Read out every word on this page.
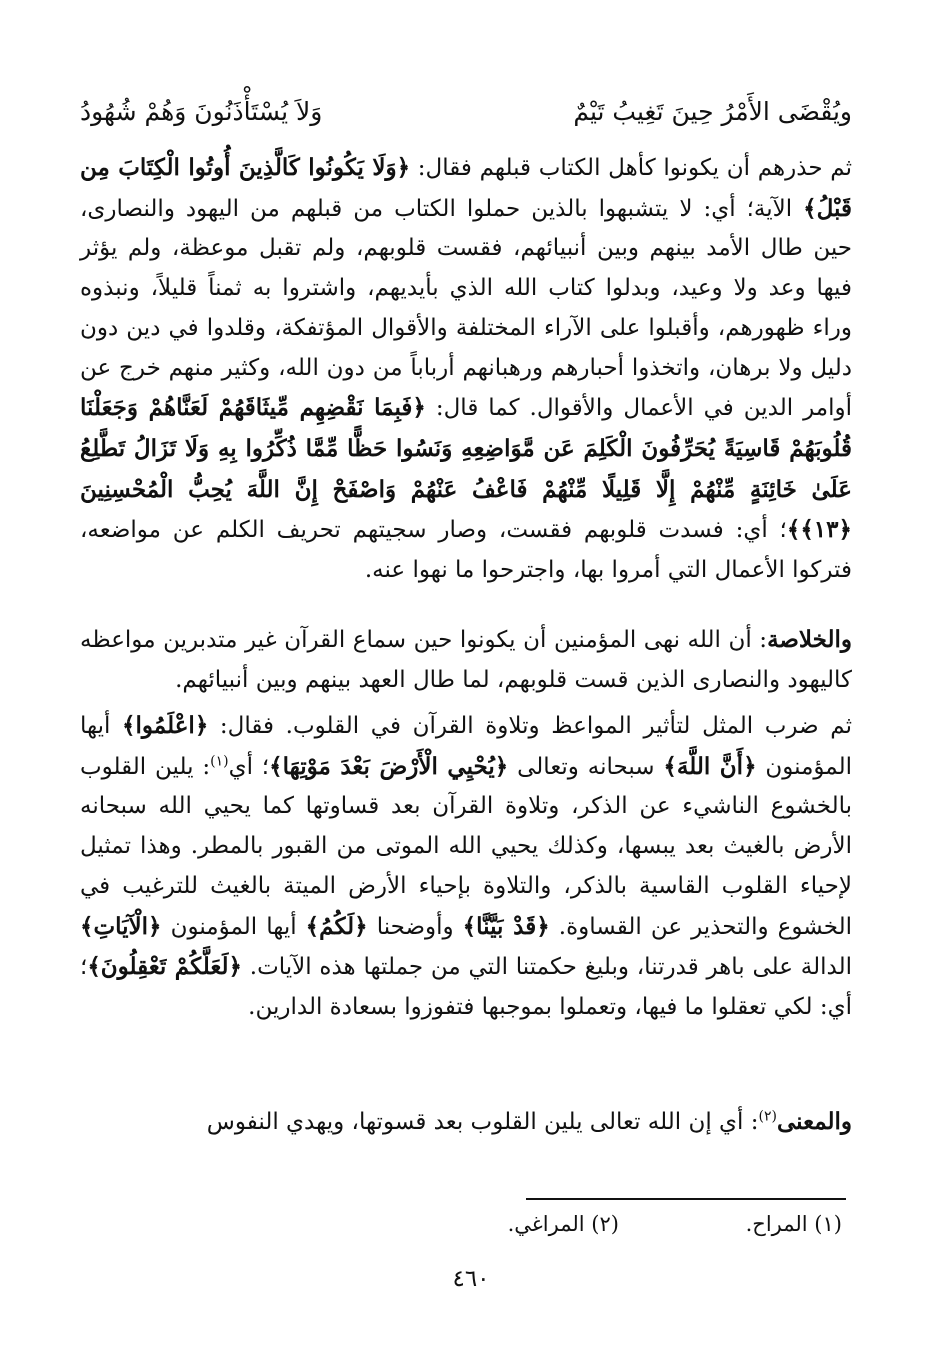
ويُقْضَى الأَمْرُ حِينَ تَغِيبُ تَيْمٌ
وَلاَ يُسْتَأْذَنُونَ وَهُمْ شُهُودُ

ثم حذرهم أن يكونوا كأهل الكتاب قبلهم فقال: ﴿وَلَا يَكُونُوا كَالَّذِينَ أُوتُوا الْكِتَابَ مِن قَبْلُ﴾ الآية؛ أي: لا يتشبهوا بالذين حملوا الكتاب من قبلهم من اليهود والنصارى، حين طال الأمد بينهم وبين أنبيائهم، فقست قلوبهم، ولم تقبل موعظة، ولم يؤثر فيها وعد ولا وعيد، وبدلوا كتاب الله الذي بأيديهم، واشتروا به ثمناً قليلاً، ونبذوه وراء ظهورهم، وأقبلوا على الآراء المختلفة والأقوال المؤتفكة، وقلدوا في دين دون دليل ولا برهان، واتخذوا أحبارهم ورهبانهم أرباباً من دون الله، وكثير منهم خرج عن أوامر الدين في الأعمال والأقوال. كما قال: ﴿فَبِمَا نَقْضِهِم مِّيثَاقَهُمْ لَعَنَّاهُمْ وَجَعَلْنَا قُلُوبَهُمْ قَاسِيَةً يُحَرِّفُونَ الْكَلِمَ عَن مَّوَاضِعِهِ وَنَسُوا حَظًّا مِّمَّا ذُكِّرُوا بِهِ وَلَا تَزَالُ تَطَّلِعُ عَلَىٰ خَائِنَةٍ مِّنْهُمْ إِلَّا قَلِيلًا مِّنْهُمْ فَاعْفُ عَنْهُمْ وَاصْفَحْ إِنَّ اللَّهَ يُحِبُّ الْمُحْسِنِينَ ﴿١٣﴾﴾؛ أي: فسدت قلوبهم فقست، وصار سجيتهم تحريف الكلم عن مواضعه، فتركوا الأعمال التي أمروا بها، واجترحوا ما نهوا عنه.

والخلاصة: أن الله نهى المؤمنين أن يكونوا حين سماع القرآن غير متدبرين مواعظه كاليهود والنصارى الذين قست قلوبهم، لما طال العهد بينهم وبين أنبيائهم.

ثم ضرب المثل لتأثير المواعظ وتلاوة القرآن في القلوب. فقال: ﴿اعْلَمُوا﴾ أيها المؤمنون ﴿أَنَّ اللَّهَ﴾ سبحانه وتعالى ﴿يُحْيِي الْأَرْضَ بَعْدَ مَوْتِهَا﴾؛ أي$^{(١)}$: يلين القلوب بالخشوع الناشيء عن الذكر، وتلاوة القرآن بعد قساوتها كما يحيي الله سبحانه الأرض بالغيث بعد يبسها، وكذلك يحيي الله الموتى من القبور بالمطر. وهذا تمثيل لإحياء القلوب القاسية بالذكر، والتلاوة بإحياء الأرض الميتة بالغيث للترغيب في الخشوع والتحذير عن القساوة. ﴿قَدْ بَيَّنَّا﴾ وأوضحنا ﴿لَكُمُ﴾ أيها المؤمنون ﴿الْآيَاتِ﴾ الدالة على باهر قدرتنا، وبليغ حكمتنا التي من جملتها هذه الآيات. ﴿لَعَلَّكُمْ تَعْقِلُونَ﴾؛ أي: لكي تعقلوا ما فيها، وتعملوا بموجبها فتفوزوا بسعادة الدارين.

والمعنى$^{(٢)}$: أي إن الله تعالى يلين القلوب بعد قسوتها، ويهدي النفوس

(١) المراح. (٢) المراغي.
٤٦٠
